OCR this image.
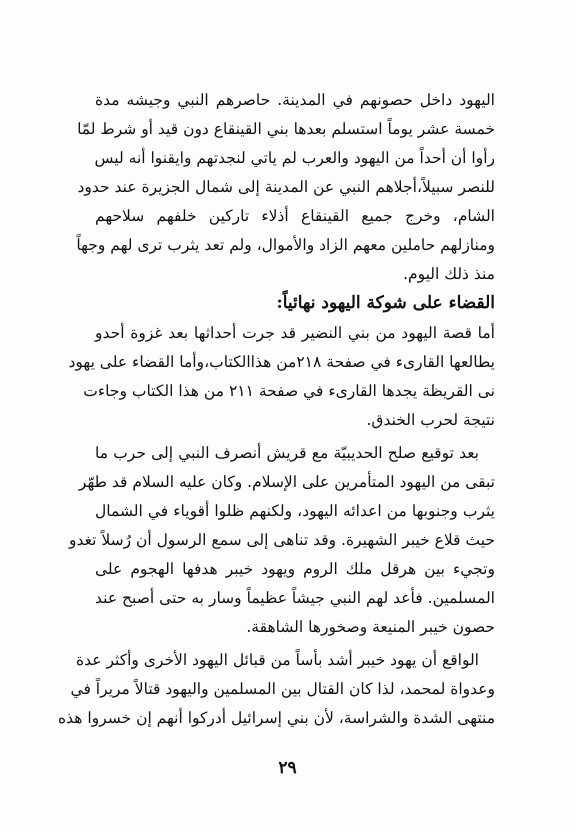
اليهود داخل حصونهم في المدينة. حاصرهم النبي وجيشه مدة
خمسة عشر يوماً استسلم بعدها بني القينقاع دون قيد أو شرط لمّا
رأوا أن أحداً من اليهود والعرب لم ياتي لنجدتهم وايقنوا أنه ليس
للنصر سبيلاً،أجلاهم النبي عن المدينة إلى شمال الجزيرة عند حدود
الشام، وخرج جميع القينقاع أذلاء تاركين خلفهم سلاحهم
ومنازلهم حاملين معهم الزاد والأموال، ولم تعد يثرب ترى لهم وجهاً
منذ ذلك اليوم.
القضاء على شوكة اليهود نهائياً:
أما قصة اليهود من بني النضير قد جرت أحداثها بعد غزوة أحدو
يطالعها القارىء في صفحة ٢١٨من هذاالكتاب،وأما القضاء على يهود
نى القريظة يجدها القارىء في صفحة ٢١١ من هذا الكتاب وجاءت
نتيجة لحرب الخندق.
بعد توقيع صلح الحديبيّة مع قريش أنصرف النبي إلى حرب ما
تبقى من اليهود المتأمرين على الإسلام. وكان عليه السلام قد طهّر
يثرب وجنوبها من اعدائه اليهود، ولكنهم ظلوا أقوياء في الشمال
حيث قلاع خيبر الشهيرة. وقد تناهى إلى سمع الرسول أن رُسلاً تغدو
وتجيء بين هرقل ملك الروم ويهود خيبر هدفها الهجوم على
المسلمين. فأعد لهم النبي جيشاً عظيماً وسار به حتى أصبح عند
حصون خيبر المنيعة وصخورها الشاهقة.
الواقع أن يهود خيبر أشد بأساً من قبائل اليهود الأخرى وأكثر عدة
وعدواة لمحمد، لذا كان القتال بين المسلمين واليهود قتالاً مريراً في
منتهى الشدة والشراسة، لأن بني إسرائيل أدركوا أنهم إن خسروا هذه
٢٩
